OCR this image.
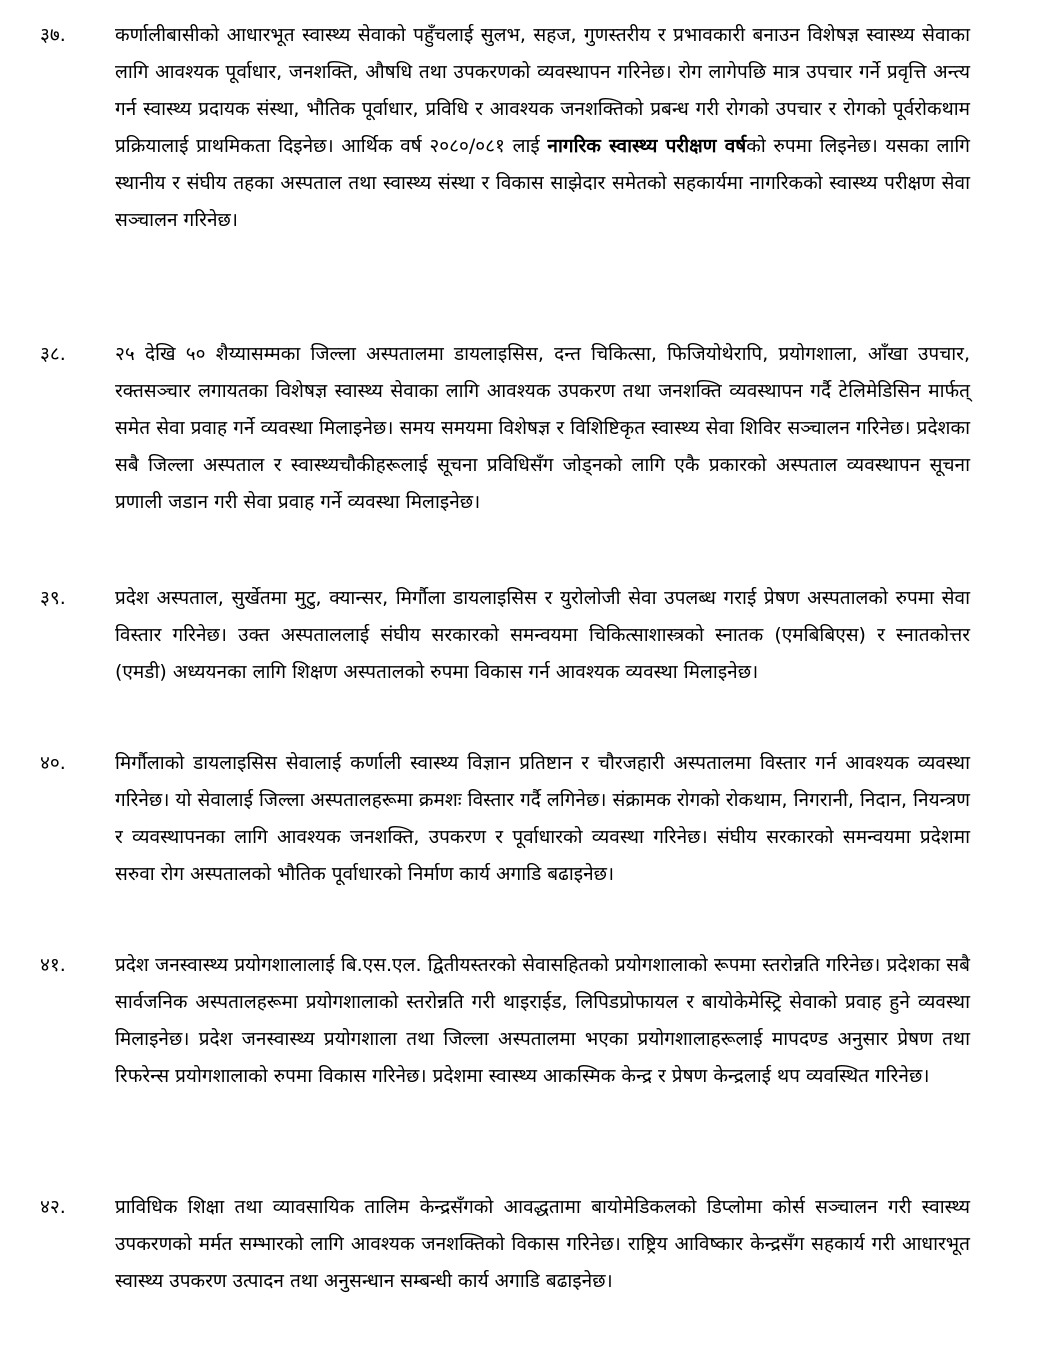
३७.	कर्णालीबासीको आधारभूत स्वास्थ्य सेवाको पहुँचलाई सुलभ, सहज, गुणस्तरीय र प्रभावकारी बनाउन विशेषज्ञ स्वास्थ्य सेवाका लागि आवश्यक पूर्वाधार, जनशक्ति, औषधि तथा उपकरणको व्यवस्थापन गरिनेछ। रोग लागेपछि मात्र उपचार गर्ने प्रवृत्ति अन्त्य गर्न स्वास्थ्य प्रदायक संस्था, भौतिक पूर्वाधार, प्रविधि र आवश्यक जनशक्तिको प्रबन्ध गरी रोगको उपचार र रोगको पूर्वरोकथाम प्रक्रियालाई प्राथमिकता दिइनेछ। आर्थिक वर्ष २०८०/०८१ लाई नागरिक स्वास्थ्य परीक्षण वर्षको रुपमा लिइनेछ। यसका लागि स्थानीय र संघीय तहका अस्पताल तथा स्वास्थ्य संस्था र विकास साझेदार समेतको सहकार्यमा नागरिकको स्वास्थ्य परीक्षण सेवा सञ्चालन गरिनेछ।
३८.	२५ देखि ५० शैय्यासम्मका जिल्ला अस्पतालमा डायलाइसिस, दन्त चिकित्सा, फिजियोथेरापि, प्रयोगशाला, आँखा उपचार, रक्तसञ्चार लगायतका विशेषज्ञ स्वास्थ्य सेवाका लागि आवश्यक उपकरण तथा जनशक्ति व्यवस्थापन गर्दै टेलिमेडिसिन मार्फत् समेत सेवा प्रवाह गर्ने व्यवस्था मिलाइनेछ। समय समयमा विशेषज्ञ र विशिष्टिकृत स्वास्थ्य सेवा शिविर सञ्चालन गरिनेछ। प्रदेशका सबै जिल्ला अस्पताल र स्वास्थ्यचौकीहरूलाई सूचना प्रविधिसँग जोड्नको लागि एकै प्रकारको अस्पताल व्यवस्थापन सूचना प्रणाली जडान गरी सेवा प्रवाह गर्ने व्यवस्था मिलाइनेछ।
३९.	प्रदेश अस्पताल, सुर्खेतमा मुटु, क्यान्सर, मिर्गौला डायलाइसिस र युरोलोजी सेवा उपलब्ध गराई प्रेषण अस्पतालको रुपमा सेवा विस्तार गरिनेछ। उक्त अस्पताललाई संघीय सरकारको समन्वयमा चिकित्साशास्त्रको स्नातक (एमबिबिएस) र स्नातकोत्तर (एमडी) अध्ययनका लागि शिक्षण अस्पतालको रुपमा विकास गर्न आवश्यक व्यवस्था मिलाइनेछ।
४०.	मिर्गौलाको डायलाइसिस सेवालाई कर्णाली स्वास्थ्य विज्ञान प्रतिष्टान र चौरजहारी अस्पतालमा विस्तार गर्न आवश्यक व्यवस्था गरिनेछ। यो सेवालाई जिल्ला अस्पतालहरूमा क्रमशः विस्तार गर्दै लगिनेछ। संक्रामक रोगको रोकथाम, निगरानी, निदान, नियन्त्रण र व्यवस्थापनका लागि आवश्यक जनशक्ति, उपकरण र पूर्वाधारको व्यवस्था गरिनेछ। संघीय सरकारको समन्वयमा प्रदेशमा सरुवा रोग अस्पतालको भौतिक पूर्वाधारको निर्माण कार्य अगाडि बढाइनेछ।
४१.	प्रदेश जनस्वास्थ्य प्रयोगशालालाई बि.एस.एल. द्वितीयस्तरको सेवासहितको प्रयोगशालाको रूपमा स्तरोन्नति गरिनेछ। प्रदेशका सबै सार्वजनिक अस्पतालहरूमा प्रयोगशालाको स्तरोन्नति गरी थाइराईड, लिपिडप्रोफायल र बायोकेमेस्ट्रि सेवाको प्रवाह हुने व्यवस्था मिलाइनेछ। प्रदेश जनस्वास्थ्य प्रयोगशाला तथा जिल्ला अस्पतालमा भएका प्रयोगशालाहरूलाई मापदण्ड अनुसार प्रेषण तथा रिफरेन्स प्रयोगशालाको रुपमा विकास गरिनेछ। प्रदेशमा स्वास्थ्य आकस्मिक केन्द्र र प्रेषण केन्द्रलाई थप व्यवस्थित गरिनेछ।
४२.	प्राविधिक शिक्षा तथा व्यावसायिक तालिम केन्द्रसँगको आवद्धतामा बायोमेडिकलको डिप्लोमा कोर्स सञ्चालन गरी स्वास्थ्य उपकरणको मर्मत सम्भारको लागि आवश्यक जनशक्तिको विकास गरिनेछ। राष्ट्रिय आविष्कार केन्द्रसँग सहकार्य गरी आधारभूत स्वास्थ्य उपकरण उत्पादन तथा अनुसन्धान सम्बन्धी कार्य अगाडि बढाइनेछ।
